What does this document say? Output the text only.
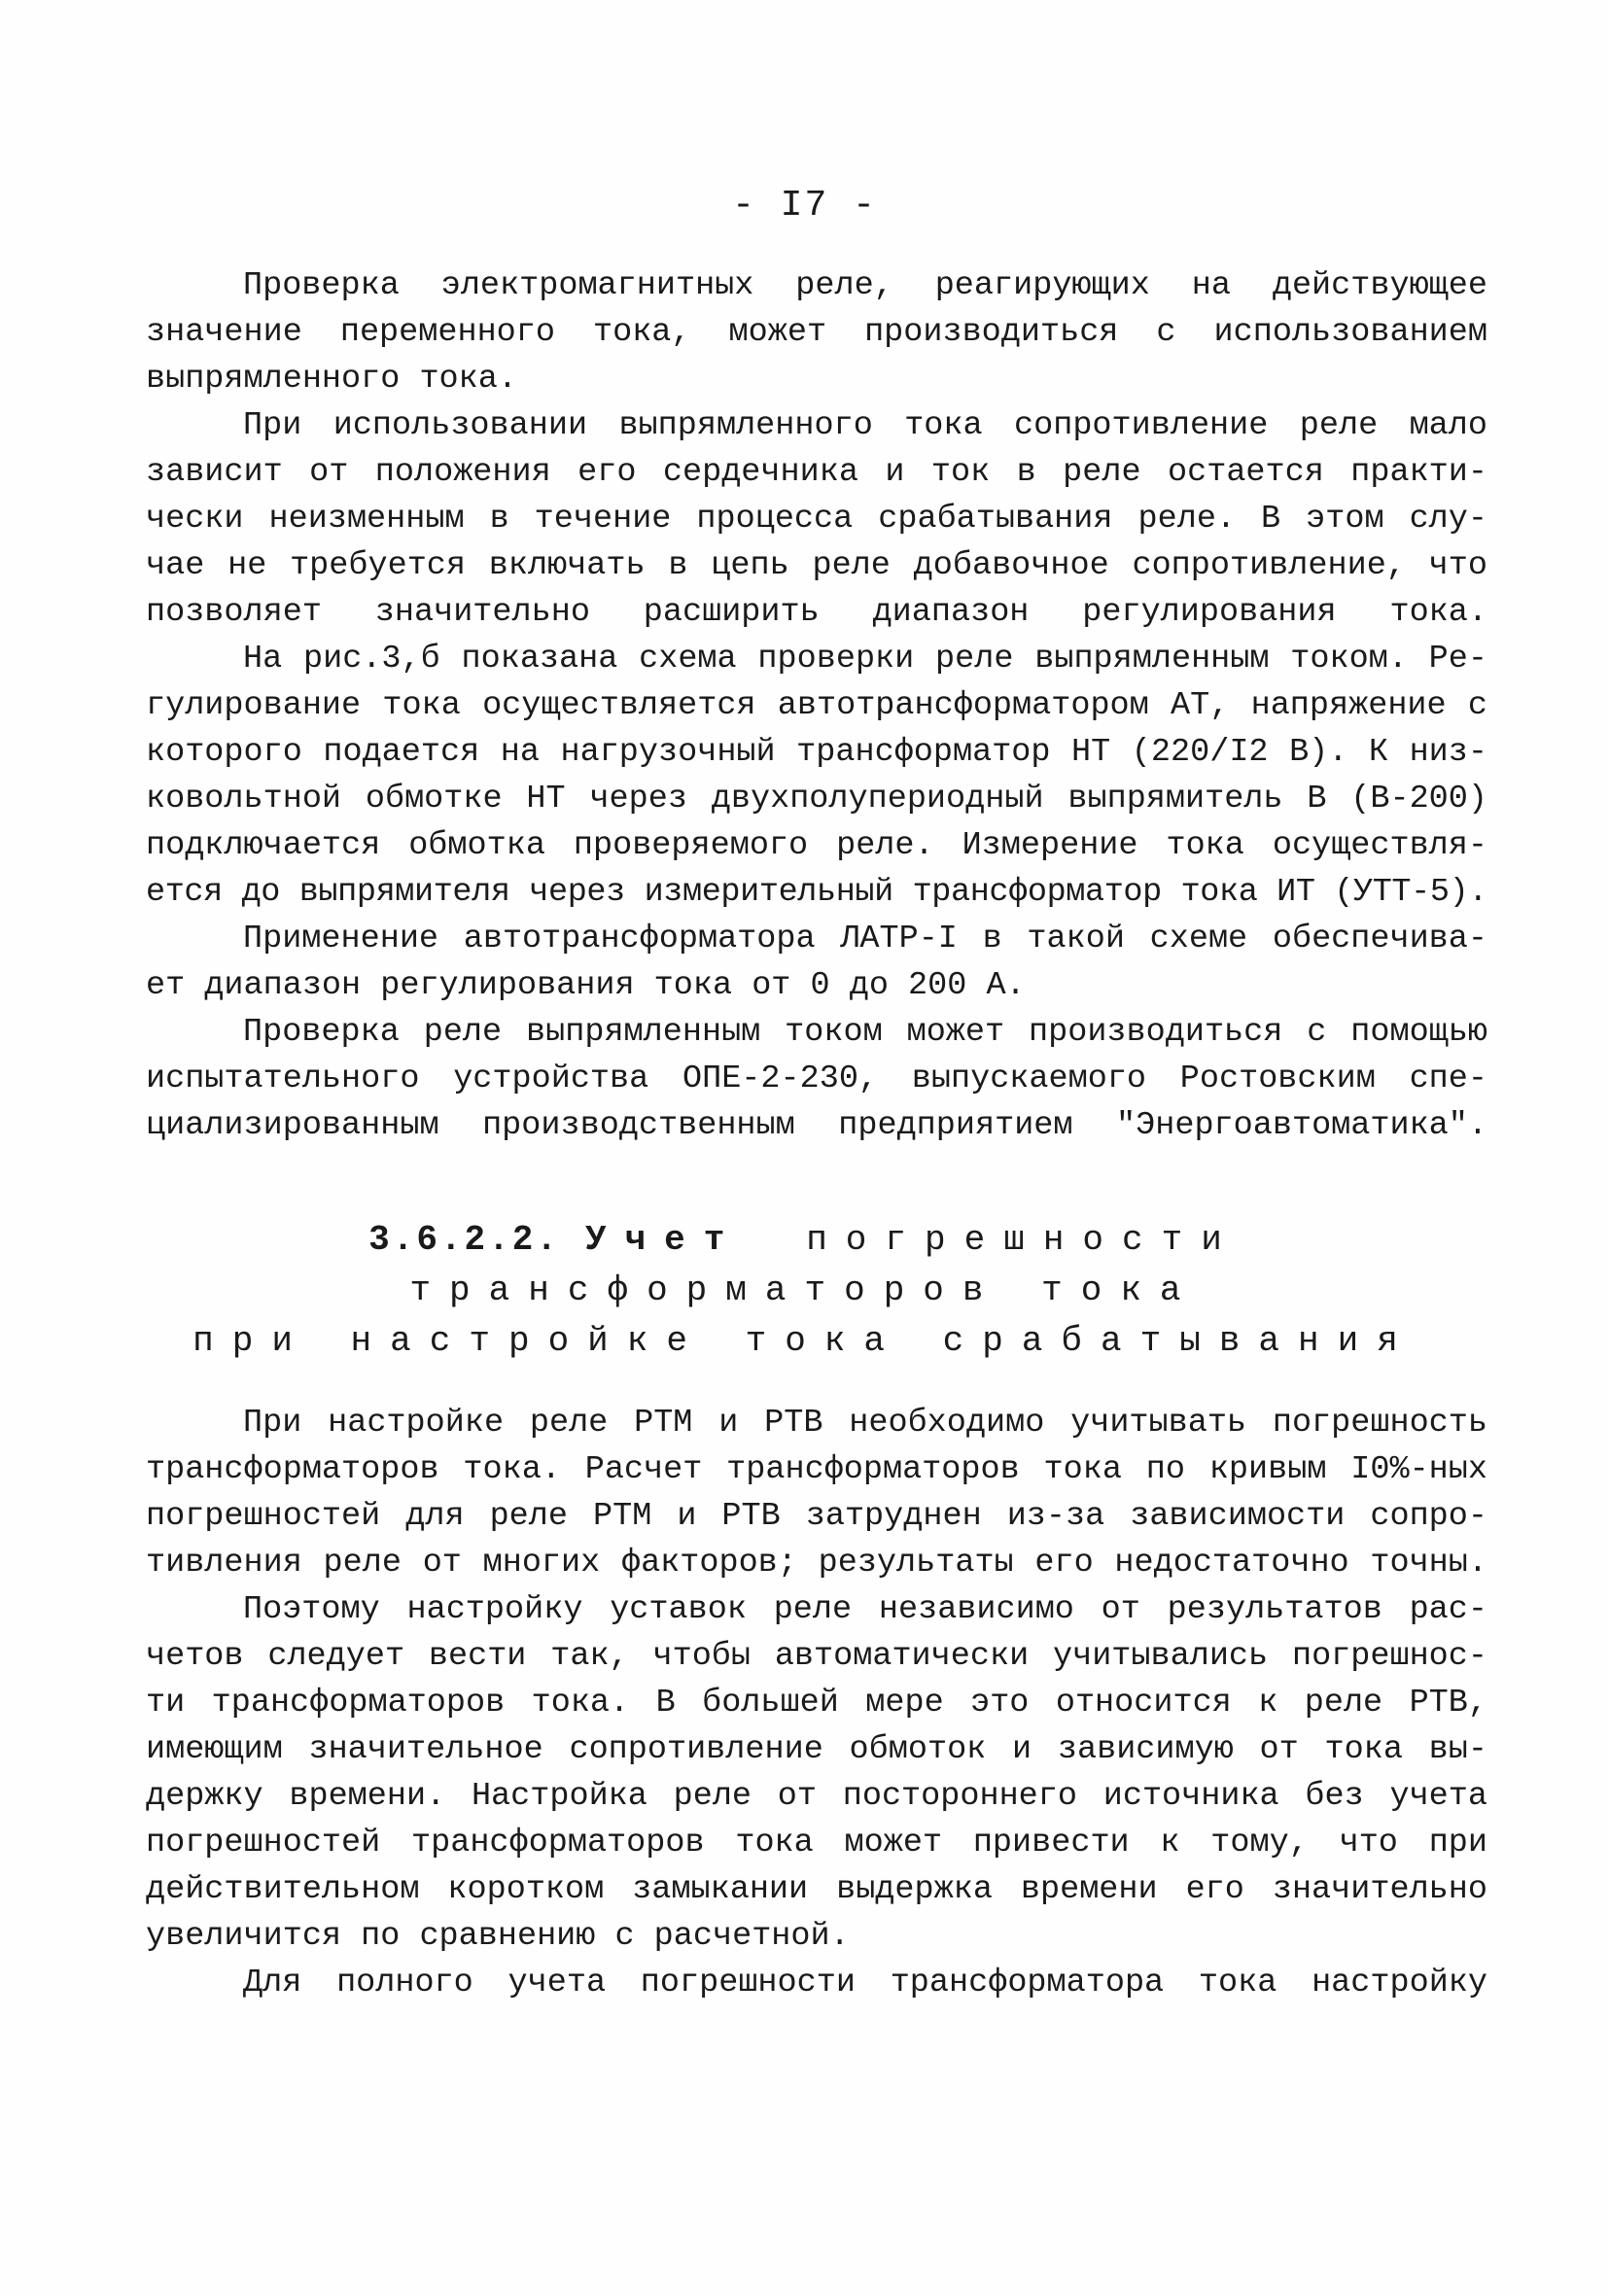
- I7 -
Проверка электромагнитных реле, реагирующих на действующее
значение переменного тока, может производиться с использованием
выпрямленного тока.
При использовании выпрямленного тока сопротивление реле мало
зависит от положения его сердечника и ток в реле остается практи-
чески неизменным в течение процесса срабатывания реле. В этом слу-
чае не требуется включать в цепь реле добавочное сопротивление, что
позволяет значительно расширить диапазон регулирования тока.
На рис.3,б показана схема проверки реле выпрямленным током. Ре-
гулирование тока осуществляется автотрансформатором АТ, напряжение с
которого подается на нагрузочный трансформатор НТ (220/I2 В). К низ-
ковольтной обмотке НТ через двухполупериодный выпрямитель В (В-200)
подключается обмотка проверяемого реле. Измерение тока осуществля-
ется до выпрямителя через измерительный трансформатор тока ИТ (УТТ-5).
Применение автотрансформатора ЛАТР-I в такой схеме обеспечива-
ет диапазон регулирования тока от 0 до 200 А.
Проверка реле выпрямленным током может производиться с помощью
испытательного устройства ОПЕ-2-230, выпускаемого Ростовским спе-
циализированным производственным предприятием "Энергоавтоматика".
3.6.2.2. Учет погрешности
трансформаторов тока
при настройке тока срабатывания
При настройке реле РТМ и РТВ необходимо учитывать погрешность
трансформаторов тока. Расчет трансформаторов тока по кривым I0%-ных
погрешностей для реле РТМ и РТВ затруднен из-за зависимости сопро-
тивления реле от многих факторов; результаты его недостаточно точны.
Поэтому настройку уставок реле независимо от результатов рас-
четов следует вести так, чтобы автоматически учитывались погрешнос-
ти трансформаторов тока. В большей мере это относится к реле РТВ,
имеющим значительное сопротивление обмоток и зависимую от тока вы-
держку времени. Настройка реле от постороннего источника без учета
погрешностей трансформаторов тока может привести к тому, что при
действительном коротком замыкании выдержка времени его значительно
увеличится по сравнению с расчетной.
Для полного учета погрешности трансформатора тока настройку
